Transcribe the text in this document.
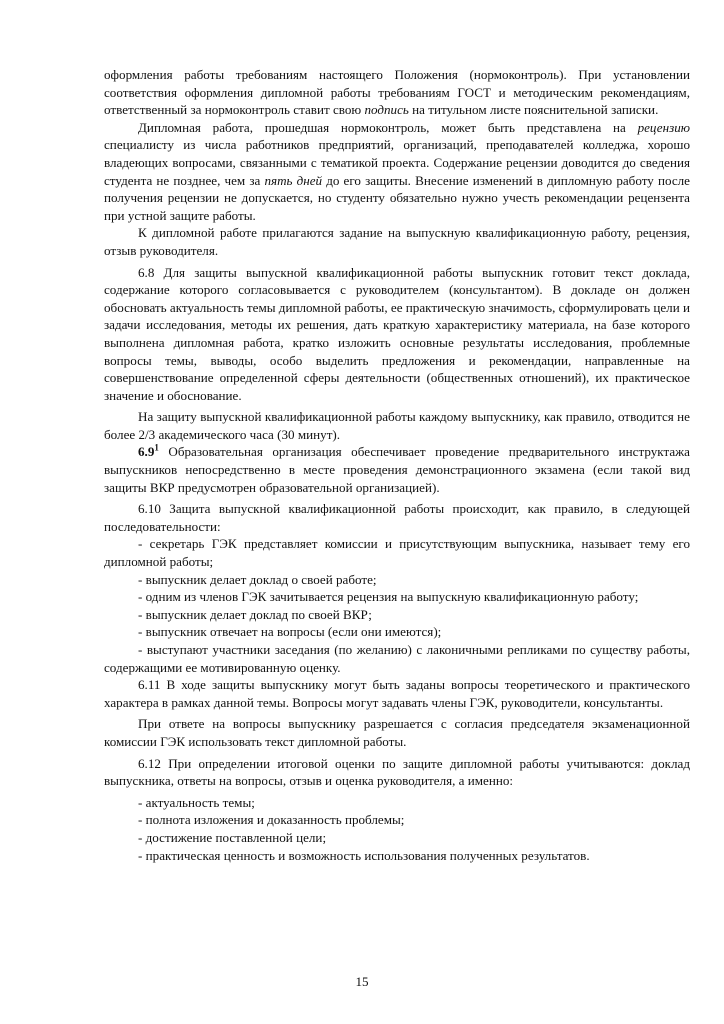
оформления работы требованиям настоящего Положения (нормоконтроль). При установлении соответствия оформления дипломной работы требованиям ГОСТ и методическим рекомендациям, ответственный за нормоконтроль ставит свою подпись на титульном листе пояснительной записки.

Дипломная работа, прошедшая нормоконтроль, может быть представлена на рецензию специалисту из числа работников предприятий, организаций, преподавателей колледжа, хорошо владеющих вопросами, связанными с тематикой проекта. Содержание рецензии доводится до сведения студента не позднее, чем за пять дней до его защиты. Внесение изменений в дипломную работу после получения рецензии не допускается, но студенту обязательно нужно учесть рекомендации рецензента при устной защите работы.

К дипломной работе прилагаются задание на выпускную квалификационную работу, рецензия, отзыв руководителя.

6.8 Для защиты выпускной квалификационной работы выпускник готовит текст доклада, содержание которого согласовывается с руководителем (консультантом). В докладе он должен обосновать актуальность темы дипломной работы, ее практическую значимость, сформулировать цели и задачи исследования, методы их решения, дать краткую характеристику материала, на базе которого выполнена дипломная работа, кратко изложить основные результаты исследования, проблемные вопросы темы, выводы, особо выделить предложения и рекомендации, направленные на совершенствование определенной сферы деятельности (общественных отношений), их практическое значение и обоснование.

На защиту выпускной квалификационной работы каждому выпускнику, как правило, отводится не более 2/3 академического часа (30 минут).

$6.9^1$ Образовательная организация обеспечивает проведение предварительного инструктажа выпускников непосредственно в месте проведения демонстрационного экзамена (если такой вид защиты ВКР предусмотрен образовательной организацией).

6.10 Защита выпускной квалификационной работы происходит, как правило, в следующей последовательности:

- секретарь ГЭК представляет комиссии и присутствующим выпускника, называет тему его дипломной работы;

- выпускник делает доклад о своей работе;

- одним из членов ГЭК зачитывается рецензия на выпускную квалификационную работу;

- выпускник делает доклад по своей ВКР;

- выпускник отвечает на вопросы (если они имеются);

- выступают участники заседания (по желанию) с лаконичными репликами по существу работы, содержащими ее мотивированную оценку.

6.11 В ходе защиты выпускнику могут быть заданы вопросы теоретического и практического характера в рамках данной темы. Вопросы могут задавать члены ГЭК, руководители, консультанты.

При ответе на вопросы выпускнику разрешается с согласия председателя экзаменационной комиссии ГЭК использовать текст дипломной работы.

6.12 При определении итоговой оценки по защите дипломной работы учитываются: доклад выпускника, ответы на вопросы, отзыв и оценка руководителя, а именно:

- актуальность темы;

- полнота изложения и доказанность проблемы;

- достижение поставленной цели;

- практическая ценность и возможность использования полученных результатов.

15
